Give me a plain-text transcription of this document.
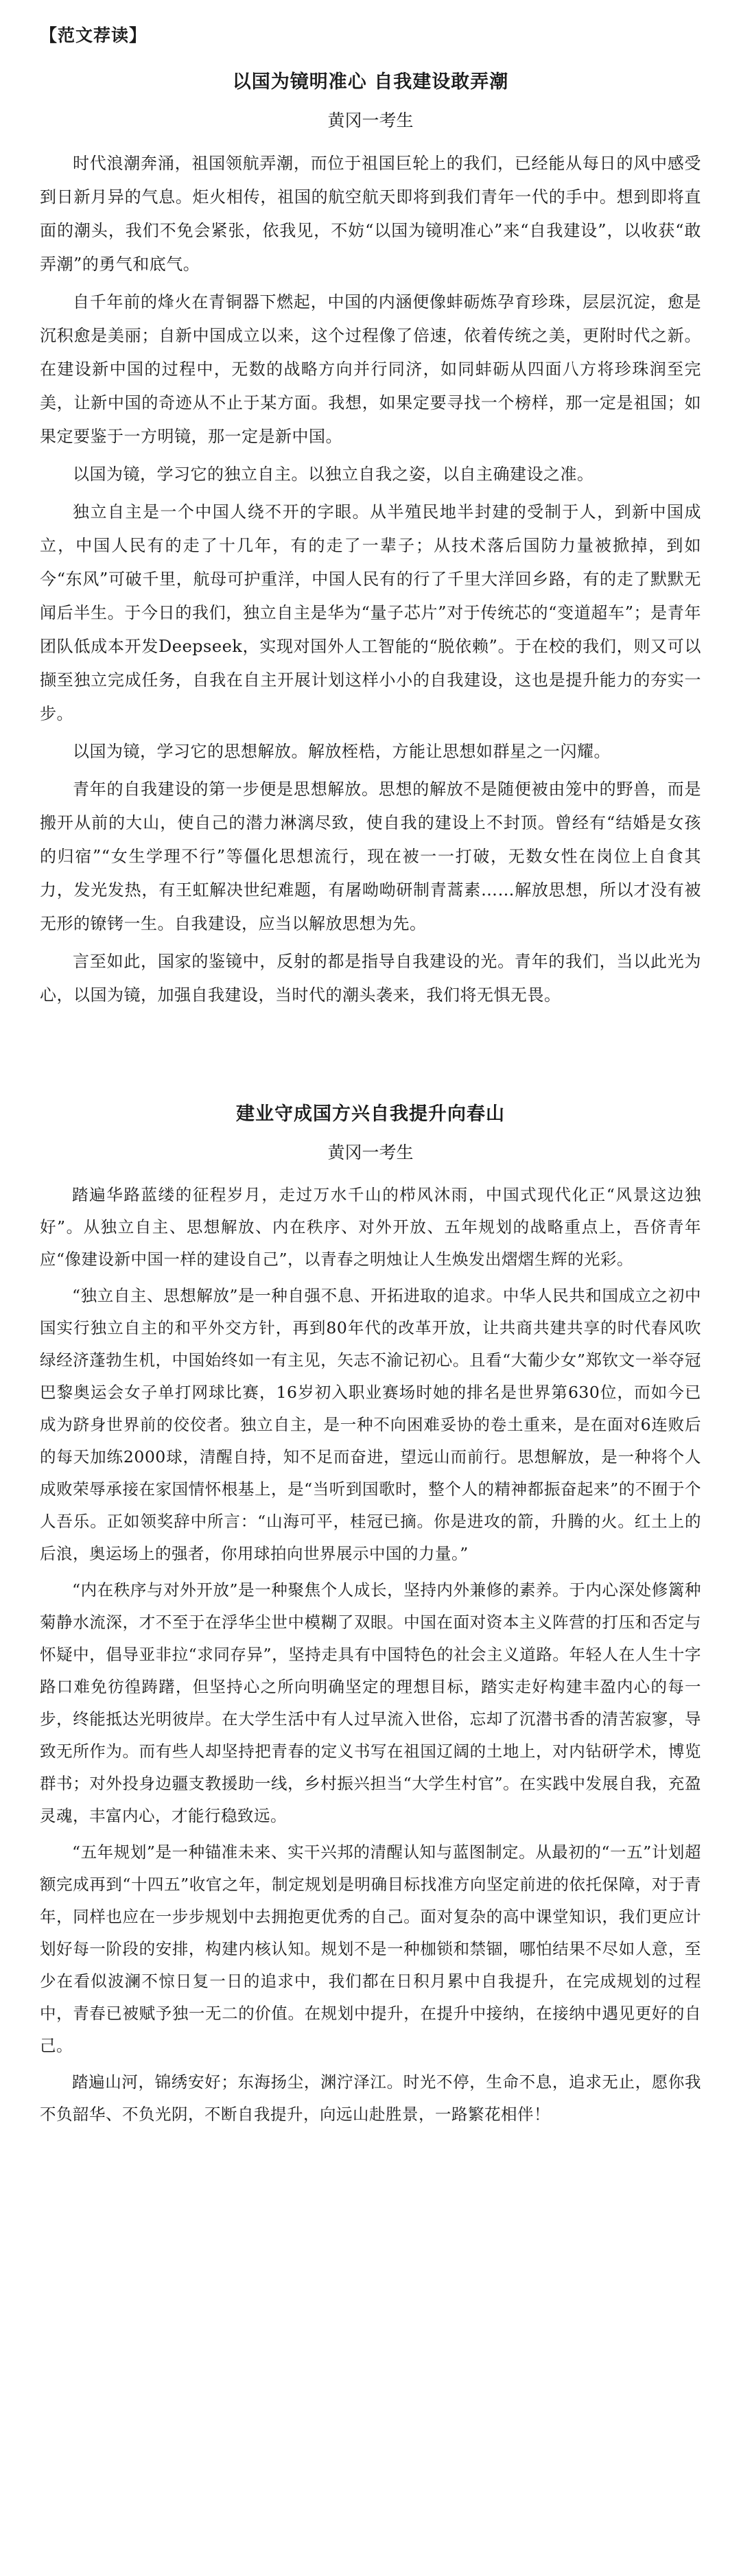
【范文荐读】
以国为镜明准心 自我建设敢弄潮
黄冈一考生

时代浪潮奔涌，祖国领航弄潮，而位于祖国巨轮上的我们，已经能从每日的风中感受到日新月异的气息。炬火相传，祖国的航空航天即将到我们青年一代的手中。想到即将直面的潮头，我们不免会紧张，依我见，不妨“以国为镜明准心”来“自我建设”，以收获“敢弄潮”的勇气和底气。

自千年前的烽火在青铜器下燃起，中国的内涵便像蚌砺炼孕育珍珠，层层沉淀，愈是沉积愈是美丽；自新中国成立以来，这个过程像了倍速，依着传统之美，更附时代之新。在建设新中国的过程中，无数的战略方向并行同济，如同蚌砺从四面八方将珍珠润至完美，让新中国的奇迹从不止于某方面。我想，如果定要寻找一个榜样，那一定是祖国；如果定要鉴于一方明镜，那一定是新中国。

以国为镜，学习它的独立自主。以独立自我之姿，以自主确建设之准。

独立自主是一个中国人绕不开的字眼。从半殖民地半封建的受制于人，到新中国成立，中国人民有的走了十几年，有的走了一辈子；从技术落后国防力量被掀掉，到如今“东风”可破千里，航母可护重洋，中国人民有的行了千里大洋回乡路，有的走了默默无闻后半生。于今日的我们，独立自主是华为“量子芯片”对于传统芯的“变道超车”；是青年团队低成本开发Deepseek，实现对国外人工智能的“脱依赖”。于在校的我们，则又可以撷至独立完成任务，自我在自主开展计划这样小小的自我建设，这也是提升能力的夯实一步。

以国为镜，学习它的思想解放。解放桎梏，方能让思想如群星之一闪耀。

青年的自我建设的第一步便是思想解放。思想的解放不是随便被由笼中的野兽，而是搬开从前的大山，使自己的潜力淋漓尽致，使自我的建设上不封顶。曾经有“结婚是女孩的归宿”“女生学理不行”等僵化思想流行，现在被一一打破，无数女性在岗位上自食其力，发光发热，有王虹解决世纪难题，有屠呦呦研制青蒿素……解放思想，所以才没有被无形的镣铐一生。自我建设，应当以解放思想为先。

言至如此，国家的鉴镜中，反射的都是指导自我建设的光。青年的我们，当以此光为心，以国为镜，加强自我建设，当时代的潮头袭来，我们将无惧无畏。

建业守成国方兴自我提升向春山
黄冈一考生

踏遍华路蓝缕的征程岁月，走过万水千山的栉风沐雨，中国式现代化正“风景这边独好”。从独立自主、思想解放、内在秩序、对外开放、五年规划的战略重点上，吾侪青年应“像建设新中国一样的建设自己”，以青春之明烛让人生焕发出熠熠生辉的光彩。

“独立自主、思想解放”是一种自强不息、开拓进取的追求。中华人民共和国成立之初中国实行独立自主的和平外交方针，再到80年代的改革开放，让共商共建共享的时代春风吹绿经济蓬勃生机，中国始终如一有主见，矢志不渝记初心。且看“大葡少女”郑钦文一举夺冠巴黎奥运会女子单打网球比赛，16岁初入职业赛场时她的排名是世界第630位，而如今已成为跻身世界前的佼佼者。独立自主，是一种不向困难妥协的卷土重来，是在面对6连败后的每天加练2000球，清醒自持，知不足而奋进，望远山而前行。思想解放，是一种将个人成败荣辱承接在家国情怀根基上，是“当听到国歌时，整个人的精神都振奋起来”的不囿于个人吾乐。正如领奖辞中所言：“山海可平，桂冠已摘。你是进攻的箭，升腾的火。红土上的后浪，奥运场上的强者，你用球拍向世界展示中国的力量。”

“内在秩序与对外开放”是一种聚焦个人成长，坚持内外兼修的素养。于内心深处修篱种菊静水流深，才不至于在浮华尘世中模糊了双眼。中国在面对资本主义阵营的打压和否定与怀疑中，倡导亚非拉“求同存异”，坚持走具有中国特色的社会主义道路。年轻人在人生十字路口难免彷徨踌躇，但坚持心之所向明确坚定的理想目标，踏实走好构建丰盈内心的每一步，终能抵达光明彼岸。在大学生活中有人过早流入世俗，忘却了沉潜书香的清苦寂寥，导致无所作为。而有些人却坚持把青春的定义书写在祖国辽阔的土地上，对内钻研学术，博览群书；对外投身边疆支教援助一线，乡村振兴担当“大学生村官”。在实践中发展自我，充盈灵魂，丰富内心，才能行稳致远。

“五年规划”是一种锚准未来、实干兴邦的清醒认知与蓝图制定。从最初的“一五”计划超额完成再到“十四五”收官之年，制定规划是明确目标找准方向坚定前进的依托保障，对于青年，同样也应在一步步规划中去拥抱更优秀的自己。面对复杂的高中课堂知识，我们更应计划好每一阶段的安排，构建内核认知。规划不是一种枷锁和禁锢，哪怕结果不尽如人意，至少在看似波澜不惊日复一日的追求中，我们都在日积月累中自我提升，在完成规划的过程中，青春已被赋予独一无二的价值。在规划中提升，在提升中接纳，在接纳中遇见更好的自己。

踏遍山河，锦绣安好；东海扬尘，渊泞泽江。时光不停，生命不息，追求无止，愿你我不负韶华、不负光阴，不断自我提升，向远山赴胜景，一路繁花相伴！
